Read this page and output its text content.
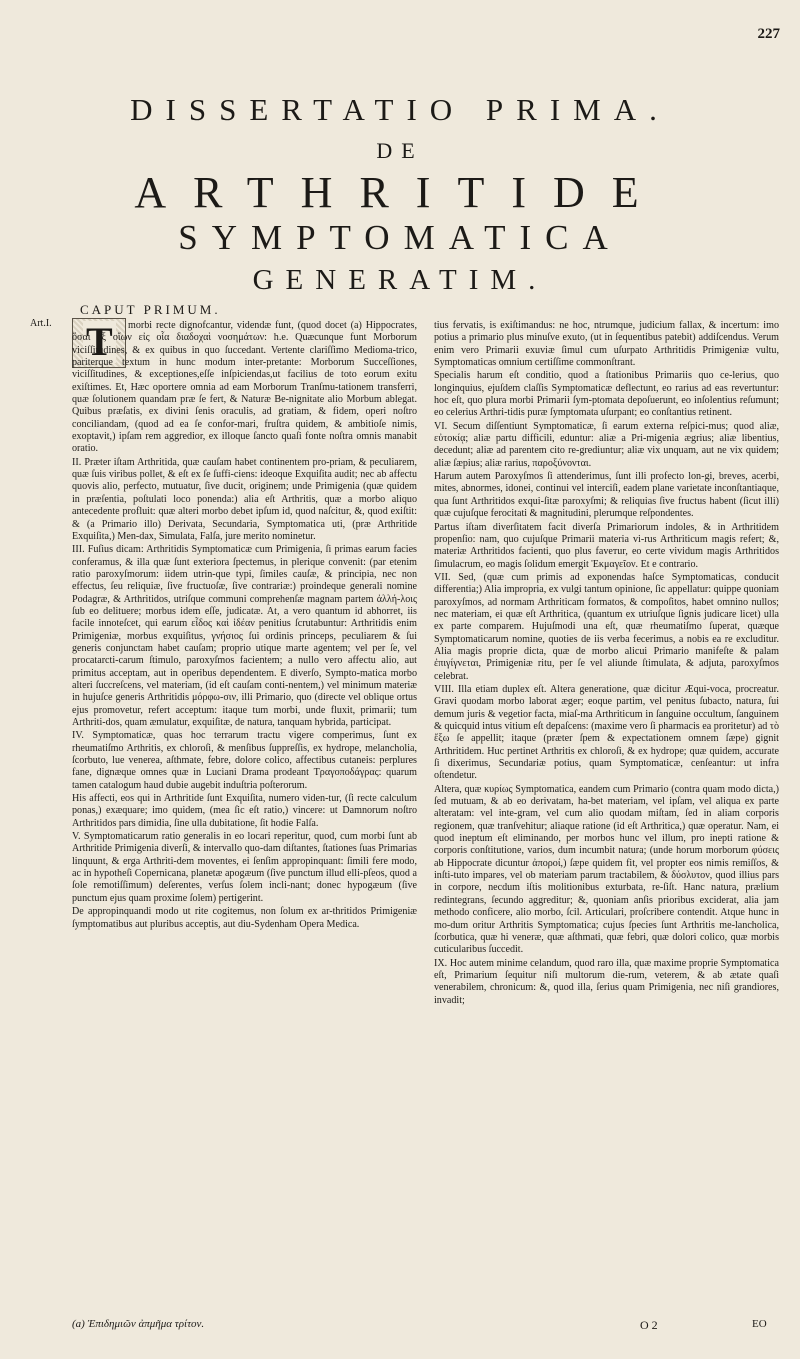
227
DISSERTATIO PRIMA.
DE
ARTHRITIDE
SYMPTOMATICA
GENERATIM.
CAPUT PRIMUM.
Art.I. T	morbi recte dignofcantur, videndæ funt, (quod docet (a) Hippocrates, ὅσαι ἐξ οἵων εἰς οἷα διαδοχαὶ νοσημάτων: h.e. Quæcunque funt Morborum viciſſitudines, & ex quibus in quo ſuccedant. Vertente clariſſimo Medioma-trico, pariterque textum in hunc modum inter-pretante: Morborum Succeſſiones, viciſſitudines, & exceptiones,eſſe inſpiciendas,ut facilius de toto eorum exitu exiſtimes. Et, Hæc oportere omnia ad eam Morborum Tranſmu-tationem transferri, quæ ſolutionem quandam præ ſe fert, & Naturæ Be-nignitate alio Morbum ablegat. Quibus præſatis, ex divini ſenis oraculis, ad gratiam, & fidem, operi noſtro conciliandam, (quod ad ea ſe confor-mari, fruſtra quidem, & ambitioſe nimis, exoptavit,) ipſam rem aggredior, ex illoque ſancto quaſi fonte noſtra omnis manabit oratio.

II. Præter iſtam Arthritida, quæ cauſam habet continentem pro-priam, & peculiarem, quæ ſuis viribus pollet, & eſt ex ſe ſuffi-ciens: ideoque Exquiſita audit; nec ab affectu quovis alio, perfecto, mutuatur, ſive ducit, originem; unde Primigenia (quæ quidem in præſentia, poſtulati loco ponenda:) alia eſt Arthritis, quæ a morbo aliquo antecedente profluit: quæ alteri morbo debet ipſum id, quod naſcitur, &, quod exiſtit: & (a Primario illo) Derivata, Secundaria, Symptomatica uti, (præ Arthritide Exquiſita,) Men-dax, Simulata, Falſa, jure merito nominetur.

III. Fuſius dicam: Arthritidis Symptomaticæ cum Primigenia, ſi primas earum facies conferamus, & illa quæ ſunt exteriora ſpectemus, in plerique convenit: (par etenim ratio paroxyſmorum: iidem utrin-que typi, ſimiles cauſæ, & principia, nec non effectus, ſeu reliquiæ, ſive fructuoſæ, ſive contrariæ:) proindeque generali nomine Podagræ, & Arthritidos, utriſque communi comprehenſæ magnam partem ἀλλή-λοις ſub eo delituere; morbus idem eſſe, judicatæ. At, a vero quantum id abhorret, iis facile innoteſcet, qui earum εἶδος καὶ ἰδέαν penitius ſcrutabuntur: Arthritidis enim Primigeniæ, morbus exquiſitus, γνήσιος ſui ordinis princeps, peculiarem & ſui generis conjunctam habet cauſam; proprio utique marte agentem; vel per ſe, vel procatarcti-carum ſtimulo, paroxyſmos facientem; a nullo vero affectu alio, aut primitus acceptam, aut in operibus dependentem. E diverſo, Sympto-matica morbo alteri ſuccreſcens, vel materiam, (id eſt cauſam conti-nentem,) vel minimum materiæ in hujuſce generis Arthritidis μόρφω-σιν, illi Primario, quo (directe vel oblique ortus ejus promovetur, refert acceptum: itaque tum morbi, unde fluxit, primarii; tum Arthriti-dos, quam æmulatur, exquiſitæ, de natura, tanquam hybrida, participat.

IV. Symptomaticæ, quas hoc terrarum tractu vigere comperimus, ſunt ex rheumatiſmo Arthritis, ex chloroſi, & menſibus ſuppreſſis, ex hydrope, melancholia, ſcorbuto, lue venerea, aſthmate, febre, dolore colico, affectibus cutaneis: perplures fane, dignæque omnes quæ in Luciani Drama prodeant Τραγοποδάγρας: quarum tamen catalogum haud dubie augebit induſtria poſterorum.

His affecti, eos qui in Arthritide ſunt Exquiſita, numero viden-tur, (ſi recte calculum ponas,) exæquare; imo quidem, (mea ſic eſt ratio,) vincere: ut Damnorum noſtro Arthritidos pars dimidia, ſine ulla dubitatione, ſit hodie Falſa.

V. Symptomaticarum ratio generalis in eo locari reperitur, quod, cum morbi ſunt ab Arthritide Primigenia diverſi, & intervallo quo-dam diſtantes, ſtationes ſuas Primarias linquunt, & erga Arthriti-dem moventes, ei ſenſim appropinquant: ſimili fere modo, ac in hypotheſi Copernicana, planetæ apogæum (ſive punctum illud elli-pſeos, quod a ſole remotiſſimum) deſerentes, verſus ſolem incli-nant; donec hypogæum (ſive punctum ejus quam proxime ſolem) pertigerint.

De appropinquandi modo ut rite cogitemus, non ſolum ex ar-thritidos Primigeniæ ſymptomatibus aut pluribus acceptis, aut diu-Sydenham Opera Medica.

tius fervatis, is exiſtimandus: ne hoc, ntrumque, judicium fallax, & incertum: imo potius a primario plus minuſve exuto, (ut in ſequentibus patebit) addiſcendus. Verum enim vero Primarii exuviæ ſimul cum uſurpato Arthritidis Primigeniæ vultu, Symptomaticas omnium certiſſime commonſtrant.

Specialis harum eſt conditio, quod a ſtationibus Primariis quo ce-lerius, quo longinquius, ejuſdem claſſis Symptomaticæ deflectunt, eo rarius ad eas revertuntur: hoc eſt, quo plura morbi Primarii ſym-ptomata depoſuerunt, eo inſolentius reſumunt; eo celerius Arthri-tidis puræ ſymptomata uſurpant; eo conſtantius retinent.

VI. Secum diſſentiunt Symptomaticæ, ſi earum externa reſpici-mus; quod aliæ, εὐτοκίᾳ; aliæ partu difficili, eduntur: aliæ a Pri-migenia ægrius; aliæ libentius, decedunt; aliæ ad parentem cito re-grediuntur; aliæ vix unquam, aut ne vix quidem; aliæ ſæpius; aliæ rarius, παροξύνονται.

Harum autem Paroxyſmos ſi attenderimus, ſunt illi profecto lon-gi, breves, acerbi, mites, abnormes, idonei, continui vel interciſi, eadem plane varietate inconſtantiaque, qua ſunt Arthritidos exqui-ſitæ paroxyſmi; & reliquias ſive fructus habent (ſicut illi) quæ cujuſque ferocitati & magnitudini, plerumque reſpondentes.

Partus iſtam diverſitatem facit diverſa Primariorum indoles, & in Arthritidem propenſio: nam, quo cujuſque Primarii materia vi-rus Arthriticum magis refert; &, materiæ Arthritidos facienti, quo plus faveтur, eo certe vividum magis Arthritidos ſimulacrum, eo magis ſolidum emergit Ἐκμαγεῖον. Et e contrario.

VII. Sed, (quæ cum primis ad exponendas haſce Symptomaticas, conducit differentia;) Alia impropria, ex vulgi tantum opinione, ſic appellatur: quippe quoniam paroxyſmos, ad normam Arthriticam formatos, & compoſitos, habet omnino nullos; nec materiam, ei quæ eſt Arthritica, (quantum ex utriuſque ſignis judicare licet) ulla ex parte comparem. Hujuſmodi una eſt, quæ rheumatiſmo ſuperat, quæque Symptomaticarum nomine, quoties de iis verba fecerimus, a nobis ea re excluditur. Alia magis proprie dicta, quæ de morbo alicui Primario manifeſte & palam ἐπιγίγνεται, Primigeniæ ritu, per ſe vel aliunde ſtimulata, & adjuta, paroxyſmos celebrat.

VIII. Illa etiam duplex eſt. Altera generatione, quæ dicitur Æqui-voca, procreatur. Gravi quodam morbo laborat æger; eoque partim, vel penitus ſubacto, natura, ſui demum juris & vegetior facta, miaſ-ma Arthriticum in ſanguine occultum, ſanguinem & quicquid intus vitium eſt depaſcens: (maxime vero ſi pharmacis ea proritetur) ad τὸ ἔξω ſe appellit; itaque (præter ſpem & expectationem omnem ſæpe) gignit Arthritidem. Huc pertinet Arthritis ex chloroſi, & ex hydrope; quæ quidem, accurate ſi dixerimus, Secundariæ potius, quam Symptomaticæ, cenſeantur: ut infra oſtendetur.

Altera, quæ κυρίως Symptomatica, eandem cum Primario (contra quam modo dicta,) ſed mutuam, & ab eo derivatam, ha-bet materiam, vel ipſam, vel aliqua ex parte alteratam: vel inte-gram, vel cum alio quodam miſtam, ſed in aliam corporis regionem, quæ tranſvehitur; aliaque ratione (id eſt Arthritica,) quæ operatur. Nam, ei quod ineptum eſt eliminando, per morbos hunc vel illum, pro inepti ratione & corporis conſtitutione, varios, dum incumbit natura; (unde horum morborum φύσεις ab Hippocrate dicuntur ἀποροί,) ſæpe quidem fit, vel propter eos nimis remiſſos, & inſti-tuto impares, vel ob materiam parum tractabilem, & δύσλυτον, quod illius pars in corpore, necdum iſtis molitionibus exturbata, re-ſiſt. Hanc natura, prælium redintegrans, ſecundo aggreditur; &, quoniam anſis prioribus exciderat, alia jam methodo conficere, alio morbo, ſcil. Articulari, proſcribere contendit. Atque hunc in mo-dum oritur Arthritis Symptomatica; cujus ſpecies ſunt Arthritis me-lancholica, ſcorbutica, quæ hi veneræ, quæ aſthmati, quæ febri, quæ dolori colico, quæ morbis cuticularibus ſuccedit.

IX. Hoc autem minime celandum, quod raro illa, quæ maxime proprie Symptomatica eſt, Primarium ſequitur niſi multorum die-rum, veterem, & ab ætate quaſi venerabilem, chronicum: &, quod illa, ſerius quam Primigenia, nec niſi grandiores, invadit;

(a) Ἐπιδημιῶν ἀπμῆμα τρίτον.	O 2	EO
